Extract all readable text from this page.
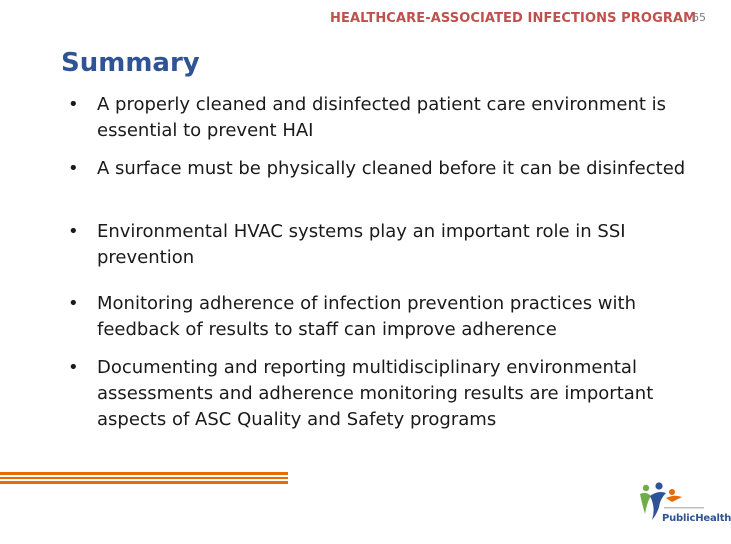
HEALTHCARE-ASSOCIATED INFECTIONS PROGRAM
65
Summary
• A properly cleaned and disinfected patient care environment is essential to prevent HAI
• A surface must be physically cleaned before it can be disinfected
• Environmental HVAC systems play an important role in SSI prevention
• Monitoring adherence of infection prevention practices with feedback of results to staff can improve adherence
• Documenting and reporting multidisciplinary environmental assessments and adherence monitoring results are important aspects of ASC Quality and Safety programs
PublicHealth
